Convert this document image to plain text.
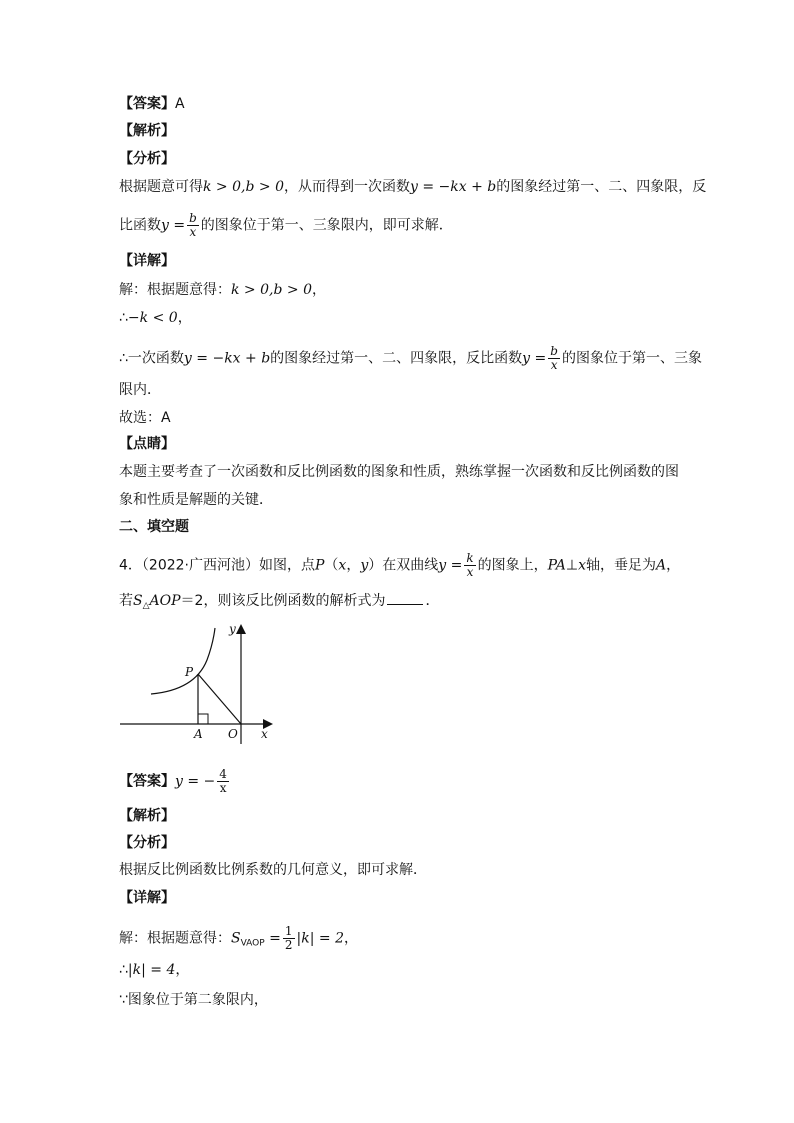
【答案】A
【解析】
【分析】
根据题意可得k > 0,b > 0，从而得到一次函数y = −kx + b的图象经过第一、二、四象限，反
比函数$y = \frac{b}{x}$ 的图象位于第一、三象限内，即可求解．
【详解】
解：根据题意得：k > 0,b > 0，
∴−k < 0，
∴一次函数y = −kx + b的图象经过第一、二、四象限，反比函数$y = \frac{b}{x}$ 的图象位于第一、三象
限内．
故选：A
【点睛】
本题主要考查了一次函数和反比例函数的图象和性质，熟练掌握一次函数和反比例函数的图
象和性质是解题的关键．
二、填空题
4．（2022·广西河池）如图，点P（x，y）在双曲线$y = \frac{k}{x}$ 的图象上，PA⊥x轴，垂足为A，
若$S_\triangle AOP=2$，则该反比例函数的解析式为	．
P
A O x
y
【答案】y = − $\frac{4}{x}$
【解析】
【分析】
根据反比例函数比例系数的几何意义，即可求解．
【详解】
解：根据题意得：$S_{VAOP} = \frac{1}{2} |k| = 2$，
∴|k| = 4，
∵图象位于第二象限内，
